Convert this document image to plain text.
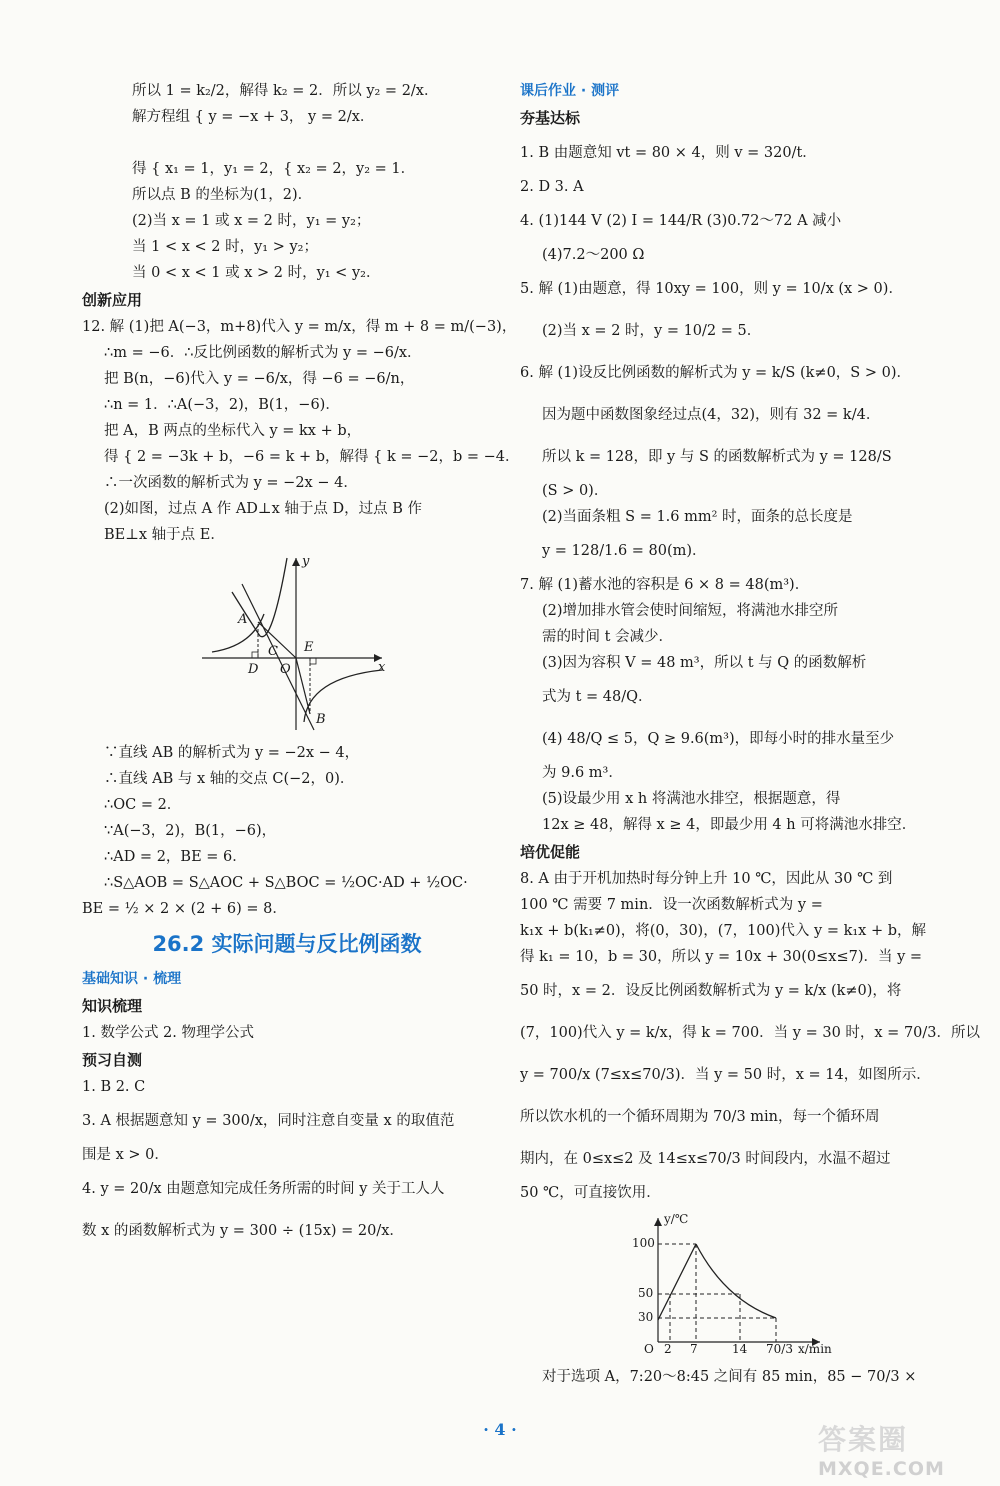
所以 1 = k₂/2，解得 k₂ = 2．所以 y₂ = 2/x．
解方程组 { y = −x + 3， y = 2/x．
得 { x₁ = 1，y₁ = 2，{ x₂ = 2，y₂ = 1．
所以点 B 的坐标为(1，2)．
(2)当 x = 1 或 x = 2 时，y₁ = y₂；
当 1 < x < 2 时，y₁ > y₂；
当 0 < x < 1 或 x > 2 时，y₁ < y₂．
创新应用
12. 解 (1)把 A(−3，m+8)代入 y = m/x，得 m + 8 = m/(−3)，
∴m = −6．∴反比例函数的解析式为 y = −6/x．
把 B(n，−6)代入 y = −6/x，得 −6 = −6/n，
∴n = 1．∴A(−3，2)，B(1，−6)．
把 A，B 两点的坐标代入 y = kx + b，
得 { 2 = −3k + b，−6 = k + b，解得 { k = −2，b = −4．
∴一次函数的解析式为 y = −2x − 4．
(2)如图，过点 A 作 AD⊥x 轴于点 D，过点 B 作
BE⊥x 轴于点 E．
y
x
A
C
D O
E
B
∵直线 AB 的解析式为 y = −2x − 4，
∴直线 AB 与 x 轴的交点 C(−2，0)．
∴OC = 2．
∵A(−3，2)，B(1，−6)，
∴AD = 2，BE = 6．
∴S△AOB = S△AOC + S△BOC = ½OC·AD + ½OC·
BE = ½ × 2 × (2 + 6) = 8．
26.2 实际问题与反比例函数
基础知识 · 梳理
知识梳理
1. 数学公式 2. 物理学公式
预习自测
1. B 2. C
3. A 根据题意知 y = 300/x，同时注意自变量 x 的取值范
围是 x > 0．
4. y = 20/x 由题意知完成任务所需的时间 y 关于工人人
数 x 的函数解析式为 y = 300 ÷ (15x) = 20/x．
课后作业 · 测评
夯基达标
1. B 由题意知 vt = 80 × 4，则 v = 320/t．
2. D 3. A
4. (1)144 V (2) I = 144/R (3)0.72～72 A 减小
(4)7.2～200 Ω
5. 解 (1)由题意，得 10xy = 100，则 y = 10/x (x > 0)．
(2)当 x = 2 时，y = 10/2 = 5．
6. 解 (1)设反比例函数的解析式为 y = k/S (k≠0，S > 0)．
因为题中函数图象经过点(4，32)，则有 32 = k/4．
所以 k = 128，即 y 与 S 的函数解析式为 y = 128/S
(S > 0)．
(2)当面条粗 S = 1.6 mm² 时，面条的总长度是
y = 128/1.6 = 80(m)．
7. 解 (1)蓄水池的容积是 6 × 8 = 48(m³)．
(2)增加排水管会使时间缩短，将满池水排空所
需的时间 t 会减少．
(3)因为容积 V = 48 m³，所以 t 与 Q 的函数解析
式为 t = 48/Q．
(4) 48/Q ≤ 5，Q ≥ 9.6(m³)，即每小时的排水量至少
为 9.6 m³．
(5)设最少用 x h 将满池水排空，根据题意，得
12x ≥ 48，解得 x ≥ 4，即最少用 4 h 可将满池水排空．
培优促能
8. A 由于开机加热时每分钟上升 10 ℃，因此从 30 ℃ 到
100 ℃ 需要 7 min．设一次函数解析式为 y =
k₁x + b(k₁≠0)，将(0，30)，(7，100)代入 y = k₁x + b，解
得 k₁ = 10，b = 30，所以 y = 10x + 30(0≤x≤7)．当 y =
50 时，x = 2．设反比例函数解析式为 y = k/x (k≠0)，将
(7，100)代入 y = k/x，得 k = 700．当 y = 30 时，x = 70/3．所以
y = 700/x (7≤x≤70/3)．当 y = 50 时，x = 14，如图所示．
所以饮水机的一个循环周期为 70/3 min，每一个循环周
期内，在 0≤x≤2 及 14≤x≤70/3 时间段内，水温不超过
50 ℃，可直接饮用．
y/℃
x/min
O
100
50
30
2 7	14 70/3
对于选项 A，7:20～8:45 之间有 85 min，85 − 70/3 ×
· 4 ·	答案圈
MXQE.COM
